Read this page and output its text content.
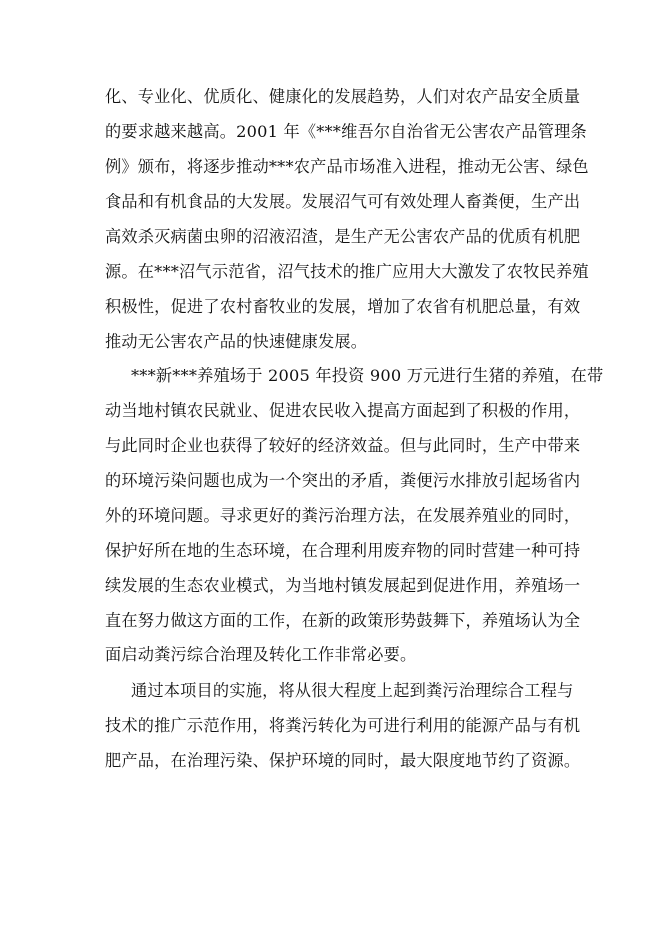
化、专业化、优质化、健康化的发展趋势，人们对农产品安全质量
的要求越来越高。2001 年《***维吾尔自治省无公害农产品管理条
例》颁布，将逐步推动***农产品市场准入进程，推动无公害、绿色
食品和有机食品的大发展。发展沼气可有效处理人畜粪便，生产出
高效杀灭病菌虫卵的沼液沼渣，是生产无公害农产品的优质有机肥
源。在***沼气示范省，沼气技术的推广应用大大激发了农牧民养殖
积极性，促进了农村畜牧业的发展，增加了农省有机肥总量，有效
推动无公害农产品的快速健康发展。
***新***养殖场于 2005 年投资 900 万元进行生猪的养殖，在带
动当地村镇农民就业、促进农民收入提高方面起到了积极的作用，
与此同时企业也获得了较好的经济效益。但与此同时，生产中带来
的环境污染问题也成为一个突出的矛盾，粪便污水排放引起场省内
外的环境问题。寻求更好的粪污治理方法，在发展养殖业的同时，
保护好所在地的生态环境，在合理利用废弃物的同时营建一种可持
续发展的生态农业模式，为当地村镇发展起到促进作用，养殖场一
直在努力做这方面的工作，在新的政策形势鼓舞下，养殖场认为全
面启动粪污综合治理及转化工作非常必要。
通过本项目的实施，将从很大程度上起到粪污治理综合工程与
技术的推广示范作用，将粪污转化为可进行利用的能源产品与有机
肥产品，在治理污染、保护环境的同时，最大限度地节约了资源。
